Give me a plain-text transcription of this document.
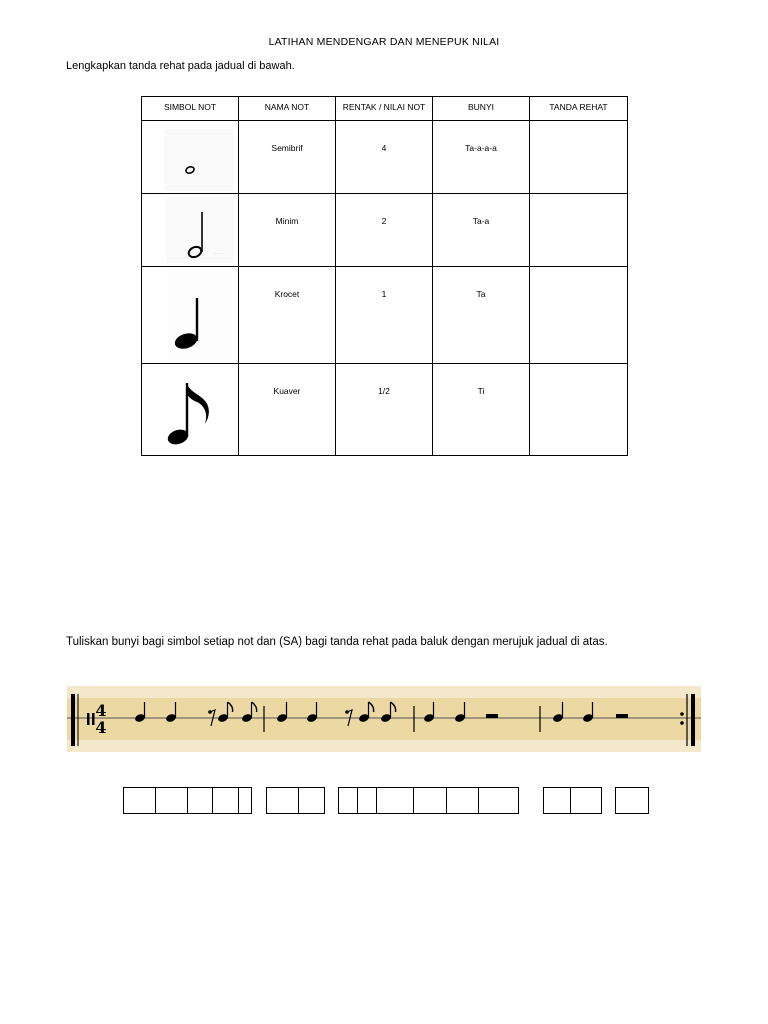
LATIHAN MENDENGAR DAN MENEPUK NILAI
Lengkapkan tanda rehat pada jadual di bawah.
SIMBOL NOT	NAMA NOT	RENTAK / NILAI NOT	BUNYI	TANDA REHAT

	Semibrif	4	Ta-a-a-a	

~~~~	Minim	2	Ta-a	

	Krocet	1	Ta	

	Kuaver	1/2	Ti	
Tuliskan bunyi bagi simbol setiap not dan (SA) bagi tanda rehat pada baluk dengan merujuk jadual di atas.
4
4
